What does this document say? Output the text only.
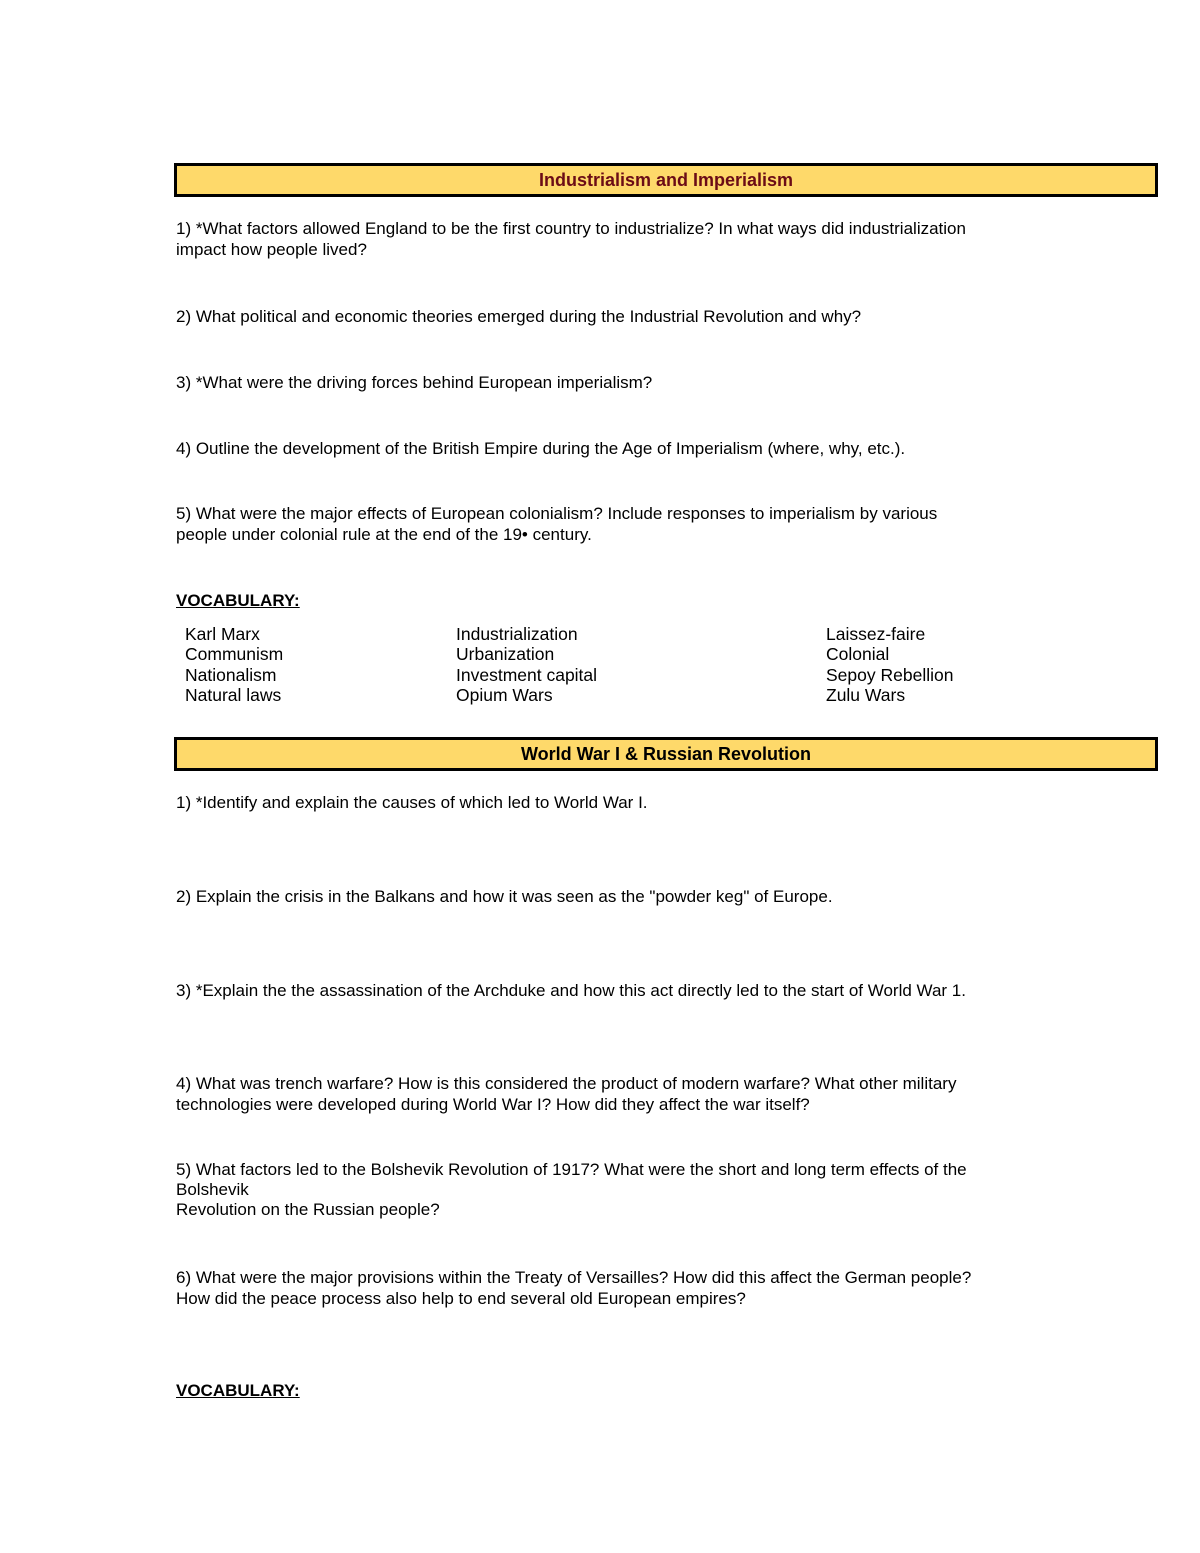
Industrialism and Imperialism
1) *What factors allowed England to be the first country to industrialize? In what ways did industrialization
impact how people lived?
2) What political and economic theories emerged during the Industrial Revolution and why?
3) *What were the driving forces behind European imperialism?
4) Outline the development of the British Empire during the Age of Imperialism (where, why, etc.).
5) What were the major effects of European colonialism? Include responses to imperialism by various
people under colonial rule at the end of the 19• century.
VOCABULARY:
Karl Marx
Communism
Nationalism
Natural laws
Industrialization
Urbanization
Investment capital
Opium Wars
Laissez-faire
Colonial
Sepoy Rebellion
Zulu Wars
World War I & Russian Revolution
1) *Identify and explain the causes of which led to World War I.
2) Explain the crisis in the Balkans and how it was seen as the "powder keg" of Europe.
3) *Explain the the assassination of the Archduke and how this act directly led to the start of World War 1.
4) What was trench warfare? How is this considered the product of modern warfare? What other military
technologies were developed during World War I? How did they affect the war itself?
5) What factors led to the Bolshevik Revolution of 1917? What were the short and long term effects of the
Bolshevik
Revolution on the Russian people?
6) What were the major provisions within the Treaty of Versailles? How did this affect the German people?
How did the peace process also help to end several old European empires?
VOCABULARY:
